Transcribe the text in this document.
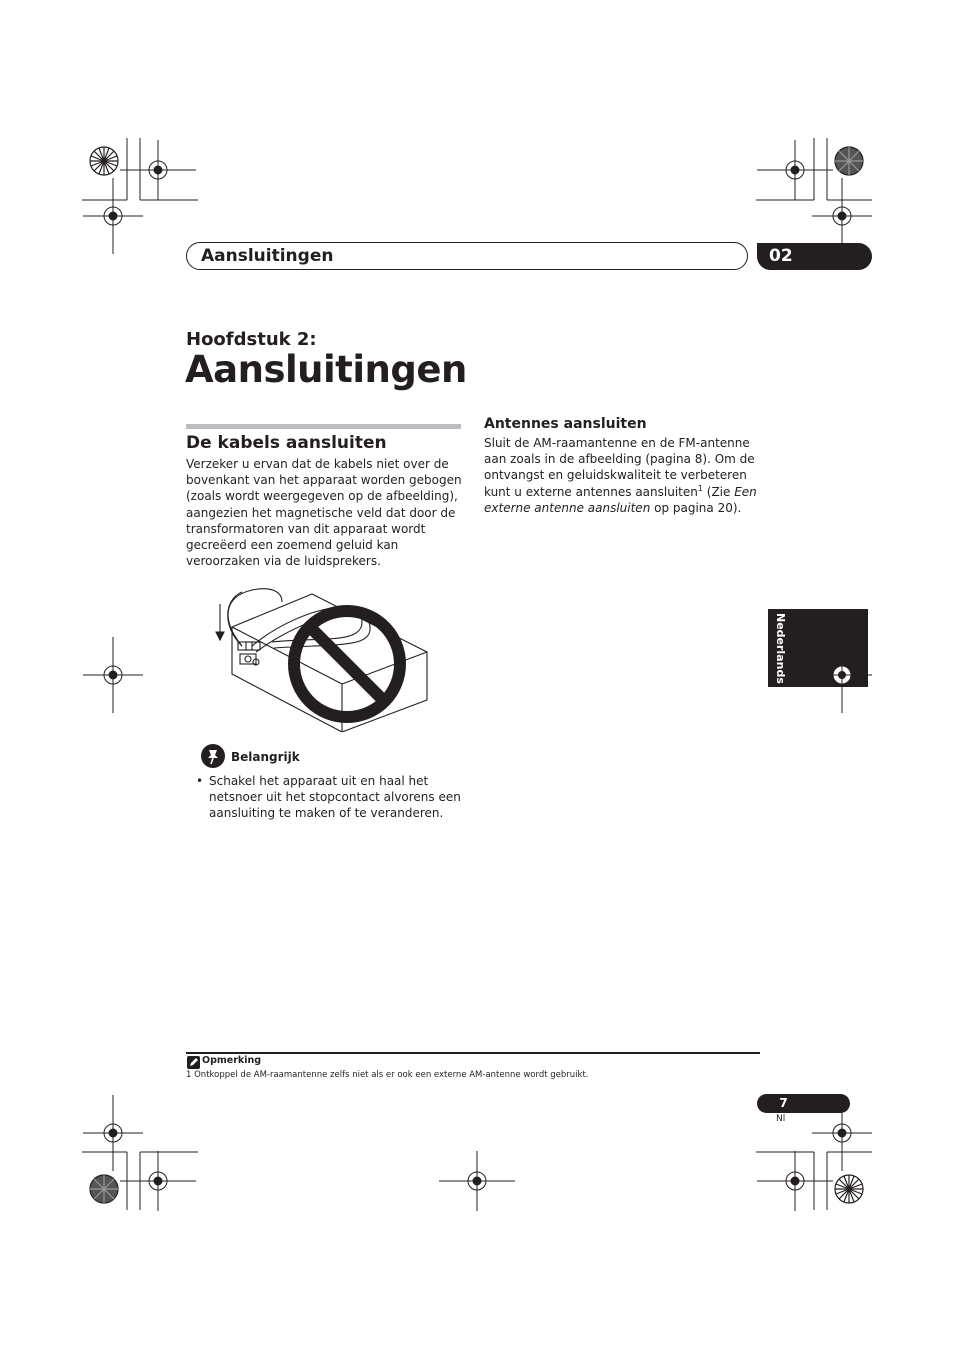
Nederlands
Aansluitingen	02
Hoofdstuk 2:
Aansluitingen
De kabels aansluiten
Verzeker u ervan dat de kabels niet over de bovenkant van het apparaat worden gebogen (zoals wordt weergegeven op de afbeelding), aangezien het magnetische veld dat door de transformatoren van dit apparaat wordt gecreëerd een zoemend geluid kan veroorzaken via de luidsprekers.
Belangrijk
• Schakel het apparaat uit en haal het netsnoer uit het stopcontact alvorens een aansluiting te maken of te veranderen.
Antennes aansluiten
Sluit de AM-raamantenne en de FM-antenne aan zoals in de afbeelding (pagina 8). Om de ontvangst en geluidskwaliteit te verbeteren kunt u externe antennes aansluiten$^1$ (Zie Een externe antenne aansluiten op pagina 20).
Opmerking
1 Ontkoppel de AM-raamantenne zelfs niet als er ook een externe AM-antenne wordt gebruikt.
7
Nl
